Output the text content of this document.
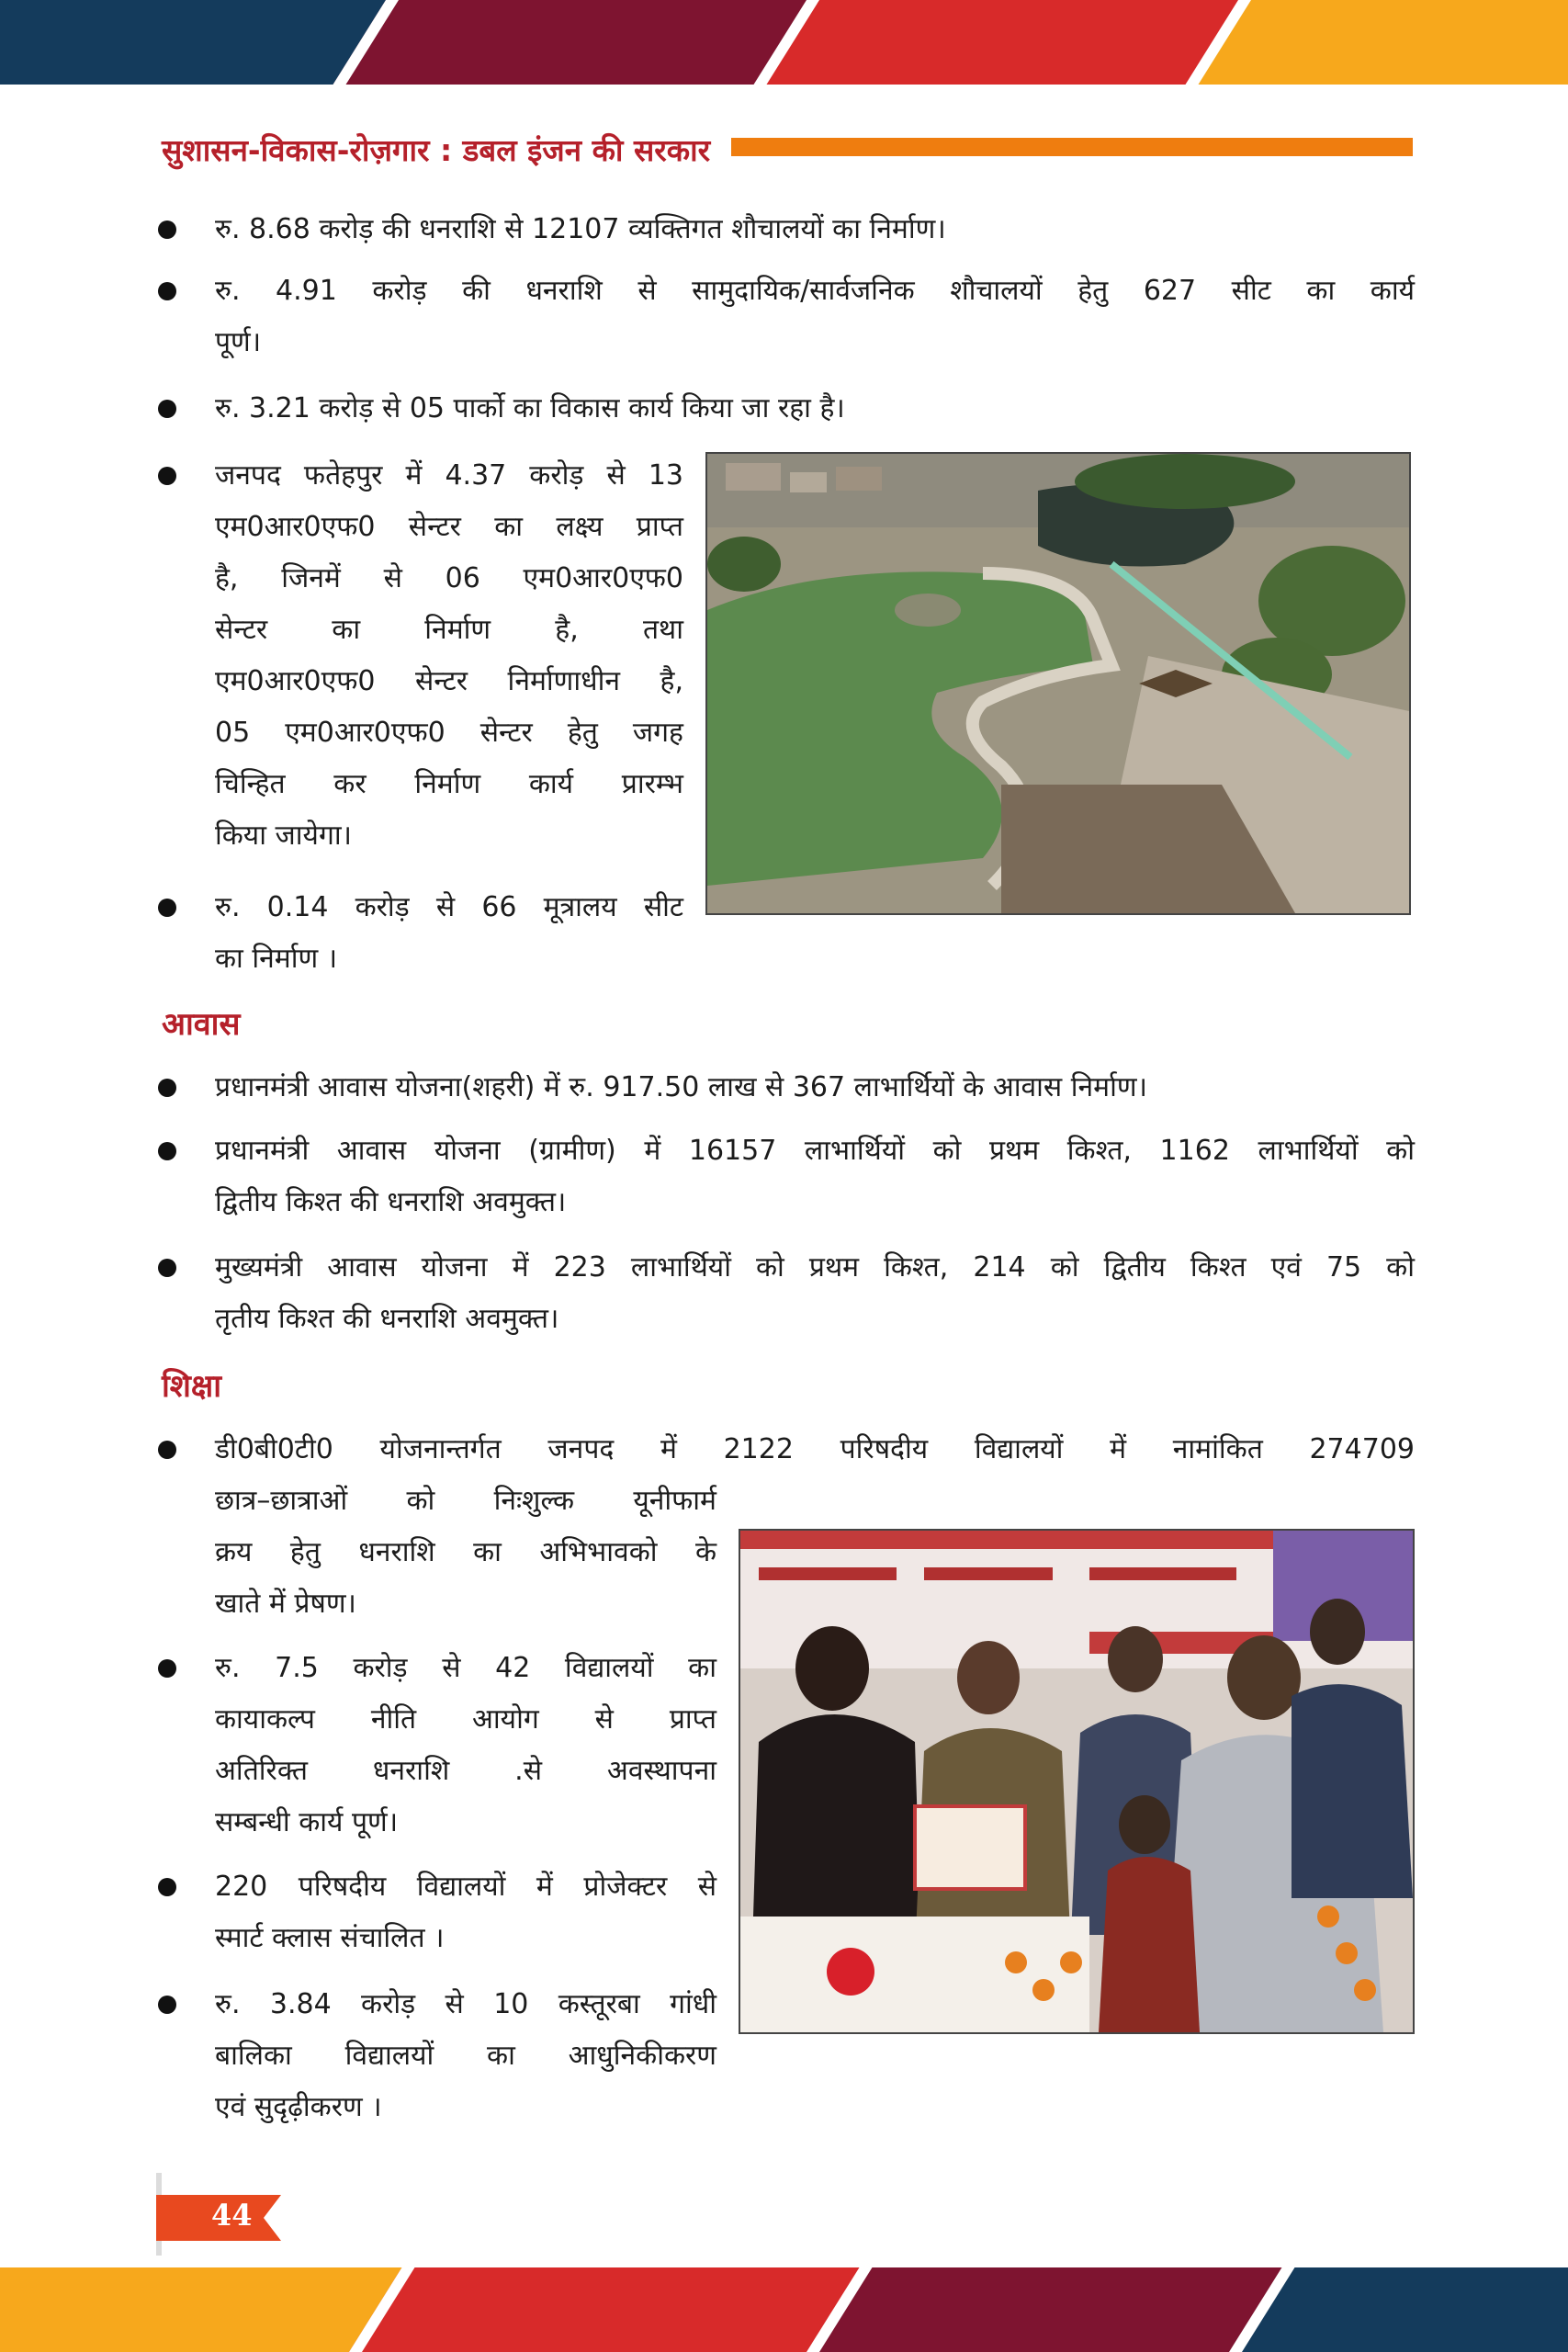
सुशासन-विकास-रोज़गार : डबल इंजन की सरकार
रु. 8.68 करोड़ की धनराशि से 12107 व्यक्तिगत शौचालयों का निर्माण।
रु. 4.91 करोड़ की धनराशि से सामुदायिक/सार्वजनिक शौचालयों हेतु 627 सीट का कार्य
पूर्ण।
रु. 3.21 करोड़ से 05 पार्को का विकास कार्य किया जा रहा है।
जनपद फतेहपुर में 4.37 करोड़ से 13
एम0आर0एफ0 सेन्टर का लक्ष्य प्राप्त
है, जिनमें से 06 एम0आर0एफ0
सेन्टर का निर्माण है, तथा
एम0आर0एफ0 सेन्टर निर्माणाधीन है,
05 एम0आर0एफ0 सेन्टर हेतु जगह
चिन्हित कर निर्माण कार्य प्रारम्भ
किया जायेगा।
रु. 0.14 करोड़ से 66 मूत्रालय सीट
का निर्माण ।
आवास
प्रधानमंत्री आवास योजना(शहरी) में रु. 917.50 लाख से 367 लाभार्थियों के आवास निर्माण।
प्रधानमंत्री आवास योजना (ग्रामीण) में 16157 लाभार्थियों को प्रथम किश्त, 1162 लाभार्थियों को
द्वितीय किश्त की धनराशि अवमुक्त।
मुख्यमंत्री आवास योजना में 223 लाभार्थियों को प्रथम किश्त, 214 को द्वितीय किश्त एवं 75 को
तृतीय किश्त की धनराशि अवमुक्त।
शिक्षा
डी0बी0टी0 योजनान्तर्गत जनपद में 2122 परिषदीय विद्यालयों में नामांकित 274709
छात्र–छात्राओं को निःशुल्क यूनीफार्म
क्रय हेतु धनराशि का अभिभावको के
खाते में प्रेषण।
रु. 7.5 करोड़ से 42 विद्यालयों का
कायाकल्प नीति आयोग से प्राप्त
अतिरिक्त धनराशि .से अवस्थापना
सम्बन्धी कार्य पूर्ण।
220 परिषदीय विद्यालयों में प्रोजेक्टर से
स्मार्ट क्लास संचालित ।
रु. 3.84 करोड़ से 10 कस्तूरबा गांधी
बालिका विद्यालयों का आधुनिकीकरण
एवं सुदृढ़ीकरण ।
44
